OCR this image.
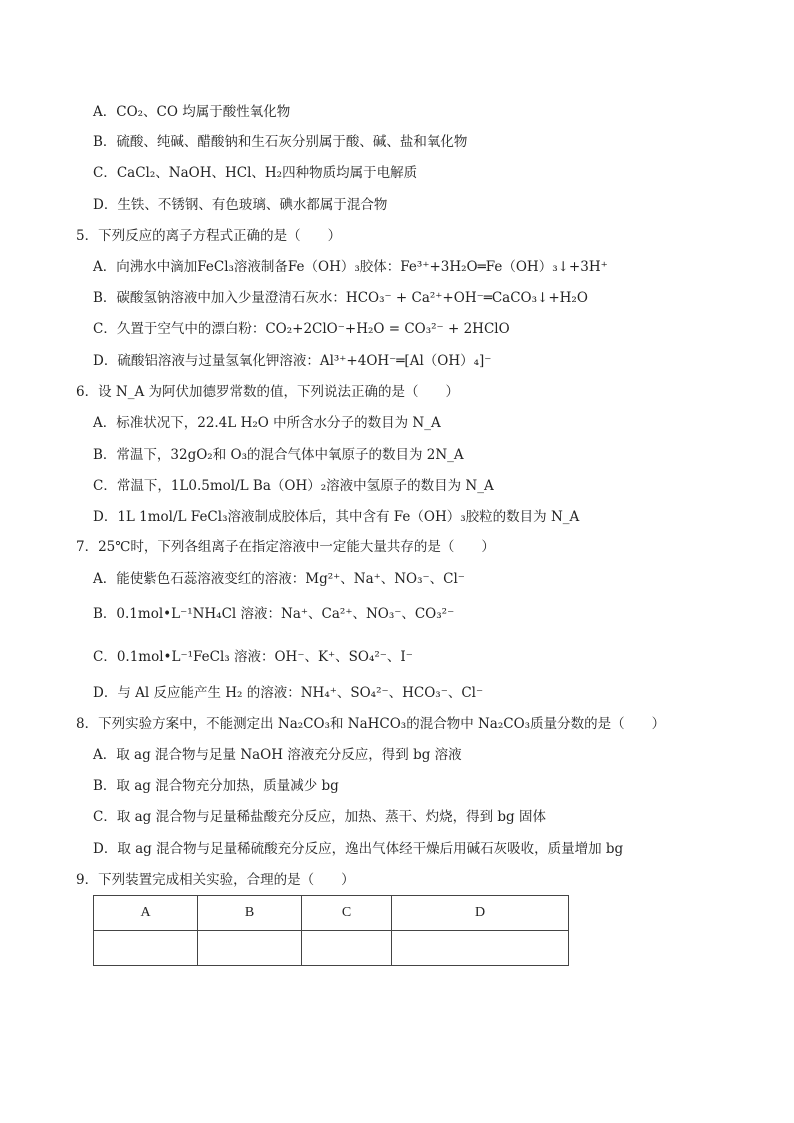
A．CO₂、CO 均属于酸性氧化物
B．硫酸、纯碱、醋酸钠和生石灰分别属于酸、碱、盐和氧化物
C．CaCl₂、NaOH、HCl、H₂四种物质均属于电解质
D．生铁、不锈钢、有色玻璃、碘水都属于混合物
5．下列反应的离子方程式正确的是（　　）
A．向沸水中滴加FeCl₃溶液制备Fe（OH）₃胶体：Fe³⁺+3H₂O═Fe（OH）₃↓+3H⁺
B．碳酸氢钠溶液中加入少量澄清石灰水：HCO₃⁻ + Ca²⁺+OH⁻═CaCO₃↓+H₂O
C．久置于空气中的漂白粉：CO₂+2ClO⁻+H₂O = CO₃²⁻ + 2HClO
D．硫酸铝溶液与过量氢氧化钾溶液：Al³⁺+4OH⁻═[Al（OH）₄]⁻
6．设 N_A 为阿伏加德罗常数的值，下列说法正确的是（　　）
A．标准状况下，22.4L H₂O 中所含水分子的数目为 N_A
B．常温下，32gO₂和 O₃的混合气体中氧原子的数目为 2N_A
C．常温下，1L0.5mol/L Ba（OH）₂溶液中氢原子的数目为 N_A
D．1L 1mol/L FeCl₃溶液制成胶体后，其中含有 Fe（OH）₃胶粒的数目为 N_A
7．25℃时，下列各组离子在指定溶液中一定能大量共存的是（　　）
A．能使紫色石蕊溶液变红的溶液：Mg²⁺、Na⁺、NO₃⁻、Cl⁻
B．0.1mol•L⁻¹NH₄Cl 溶液：Na⁺、Ca²⁺、NO₃⁻、CO₃²⁻
C．0.1mol•L⁻¹FeCl₃ 溶液：OH⁻、K⁺、SO₄²⁻、I⁻
D．与 Al 反应能产生 H₂ 的溶液：NH₄⁺、SO₄²⁻、HCO₃⁻、Cl⁻
8．下列实验方案中，不能测定出 Na₂CO₃和 NaHCO₃的混合物中 Na₂CO₃质量分数的是（　　）
A．取 ag 混合物与足量 NaOH 溶液充分反应，得到 bg 溶液
B．取 ag 混合物充分加热，质量减少 bg
C．取 ag 混合物与足量稀盐酸充分反应，加热、蒸干、灼烧，得到 bg 固体
D．取 ag 混合物与足量稀硫酸充分反应，逸出气体经干燥后用碱石灰吸收，质量增加 bg
9．下列装置完成相关实验，合理的是（　　）
A	B	C	D
